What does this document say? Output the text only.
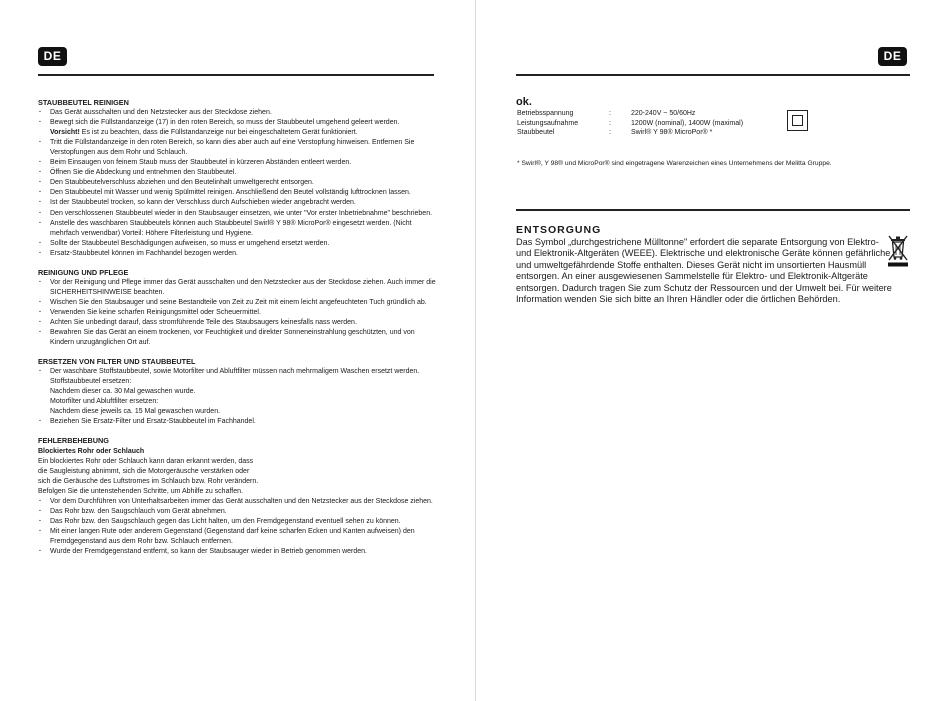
DE

STAUBBEUTEL REINIGEN

· Das Gerät ausschalten und den Netzstecker aus der Steckdose ziehen.
· Bewegt sich die Füllstandanzeige (17) in den roten Bereich, so muss der Staubbeutel umgehend geleert werden.
Vorsicht! Es ist zu beachten, dass die Füllstandanzeige nur bei eingeschaltetem Gerät funktioniert.
· Tritt die Füllstandanzeige in den roten Bereich, so kann dies aber auch auf eine Verstopfung hinweisen. Entfernen Sie Verstopfungen aus dem Rohr und Schlauch.
· Beim Einsaugen von feinem Staub muss der Staubbeutel in kürzeren Abständen entleert werden.
· Öffnen Sie die Abdeckung und entnehmen den Staubbeutel.
· Den Staubbeutelverschluss abziehen und den Beutelinhalt umweltgerecht entsorgen.
· Den Staubbeutel mit Wasser und wenig Spülmittel reinigen. Anschließend den Beutel vollständig lufttrocknen lassen.
· Ist der Staubbeutel trocken, so kann der Verschluss durch Aufschieben wieder angebracht werden.
· Den verschlossenen Staubbeutel wieder in den Staubsauger einsetzen, wie unter "Vor erster Inbetriebnahme" beschrieben.
· Anstelle des waschbaren Staubbeutels können auch Staubbeutel Swirl® Y 98® MicroPor® eingesetzt werden. (Nicht mehrfach verwendbar) Vorteil: Höhere Filterleistung und Hygiene.
· Sollte der Staubbeutel Beschädigungen aufweisen, so muss er umgehend ersetzt werden.
· Ersatz-Staubbeutel können im Fachhandel bezogen werden.

REINIGUNG UND PFLEGE

· Vor der Reinigung und Pflege immer das Gerät ausschalten und den Netzstecker aus der Steckdose ziehen. Auch immer die SICHERHEITSHINWEISE beachten.
· Wischen Sie den Staubsauger und seine Bestandteile von Zeit zu Zeit mit einem leicht angefeuchteten Tuch gründlich ab.
· Verwenden Sie keine scharfen Reinigungsmittel oder Scheuermittel.
· Achten Sie unbedingt darauf, dass stromführende Teile des Staubsaugers keinesfalls nass werden.
· Bewahren Sie das Gerät an einem trockenen, vor Feuchtigkeit und direkter Sonneneinstrahlung geschützten, und von Kindern unzugänglichen Ort auf.

ERSETZEN VON FILTER UND STAUBBEUTEL

· Der waschbare Stoffstaubbeutel, sowie Motorfilter und Abluftfilter müssen nach mehrmaligem Waschen ersetzt werden.
Stoffstaubbeutel ersetzen:
Nachdem dieser ca. 30 Mal gewaschen wurde.
Motorfilter und Abluftfilter ersetzen:
Nachdem diese jeweils ca. 15 Mal gewaschen wurden.
· Beziehen Sie Ersatz-Filter und Ersatz-Staubbeutel im Fachhandel.

FEHLERBEHEBUNG

Blockiertes Rohr oder Schlauch

Ein blockiertes Rohr oder Schlauch kann daran erkannt werden, dass

die Saugleistung abnimmt, sich die Motorgeräusche verstärken oder

sich die Geräusche des Luftstromes im Schlauch bzw. Rohr verändern.

Befolgen Sie die untenstehenden Schritte, um Abhilfe zu schaffen.

· Vor dem Durchführen von Unterhaltsarbeiten immer das Gerät ausschalten und den Netzstecker aus der Steckdose ziehen.
· Das Rohr bzw. den Saugschlauch vom Gerät abnehmen.
· Das Rohr bzw. den Saugschlauch gegen das Licht halten, um den Fremdgegenstand eventuell sehen zu können.
· Mit einer langen Rute oder anderem Gegenstand (Gegenstand darf keine scharfen Ecken und Kanten aufweisen) den Fremdgegenstand aus dem Rohr bzw. Schlauch entfernen.
· Wurde der Fremdgegenstand entfernt, so kann der Staubsauger wieder in Betrieb genommen werden.
DE
ok.
Betriebsspannung	:	220-240V ~ 50/60Hz
Leistungsaufnahme	:	1200W (nominal), 1400W (maximal)
Staubbeutel	:	Swirl® Y 98® MicroPor® *
* Swirl®, Y 98® und MicroPor® sind eingetragene Warenzeichen eines Unternehmens der Melitta Gruppe.
ENTSORGUNG
Das Symbol „durchgestrichene Mülltonne" erfordert die separate Entsorgung von Elektro- und Elektronik-Altgeräten (WEEE). Elektrische und elektronische Geräte können gefährliche und umweltgefährdende Stoffe enthalten. Dieses Gerät nicht im unsortierten Hausmüll entsorgen. An einer ausgewiesenen Sammelstelle für Elektro- und Elektronik-Altgeräte entsorgen. Dadurch tragen Sie zum Schutz der Ressourcen und der Umwelt bei. Für weitere Information wenden Sie sich bitte an Ihren Händler oder die örtlichen Behörden.
